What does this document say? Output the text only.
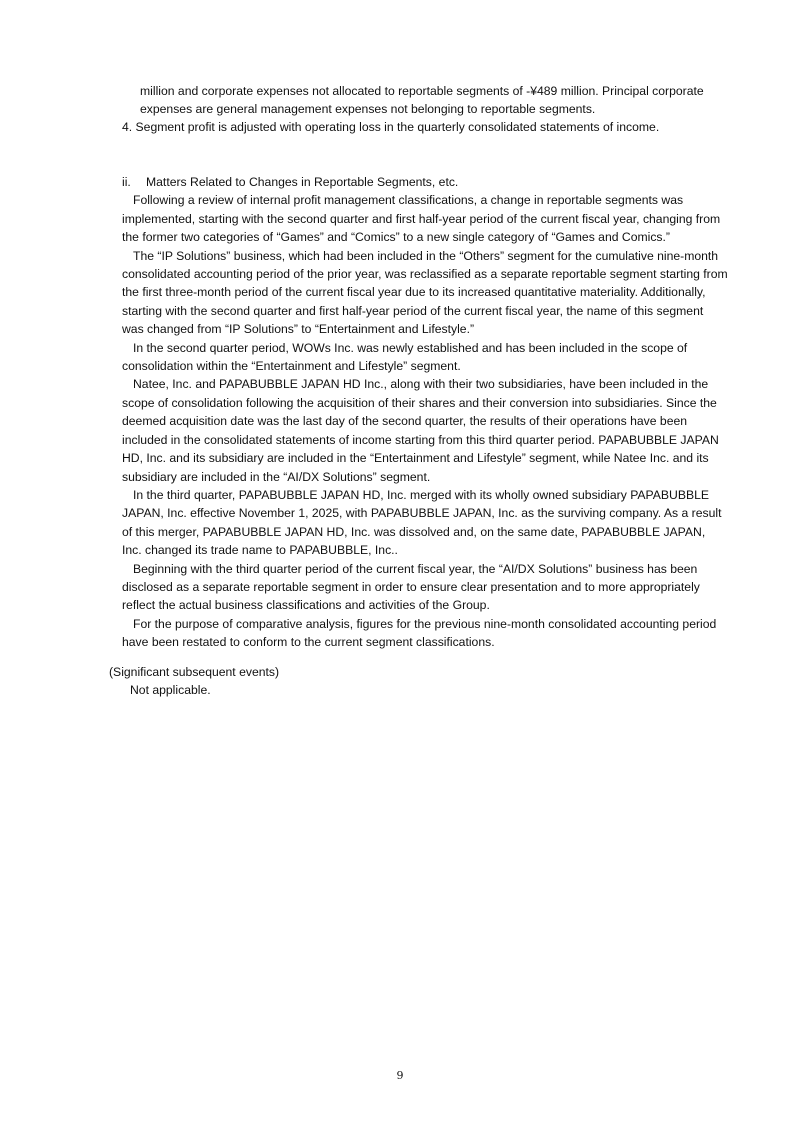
million and corporate expenses not allocated to reportable segments of -¥489 million. Principal corporate expenses are general management expenses not belonging to reportable segments.
4. Segment profit is adjusted with operating loss in the quarterly consolidated statements of income.
ii. Matters Related to Changes in Reportable Segments, etc.

Following a review of internal profit management classifications, a change in reportable segments was implemented, starting with the second quarter and first half-year period of the current fiscal year, changing from the former two categories of “Games” and “Comics” to a new single category of “Games and Comics.”

The “IP Solutions” business, which had been included in the “Others” segment for the cumulative nine-month consolidated accounting period of the prior year, was reclassified as a separate reportable segment starting from the first three-month period of the current fiscal year due to its increased quantitative materiality. Additionally, starting with the second quarter and first half-year period of the current fiscal year, the name of this segment was changed from “IP Solutions” to “Entertainment and Lifestyle.”

In the second quarter period, WOWs Inc. was newly established and has been included in the scope of consolidation within the “Entertainment and Lifestyle” segment.

Natee, Inc. and PAPABUBBLE JAPAN HD Inc., along with their two subsidiaries, have been included in the scope of consolidation following the acquisition of their shares and their conversion into subsidiaries. Since the deemed acquisition date was the last day of the second quarter, the results of their operations have been included in the consolidated statements of income starting from this third quarter period. PAPABUBBLE JAPAN HD, Inc. and its subsidiary are included in the “Entertainment and Lifestyle” segment, while Natee Inc. and its subsidiary are included in the “AI/DX Solutions” segment.

In the third quarter, PAPABUBBLE JAPAN HD, Inc. merged with its wholly owned subsidiary PAPABUBBLE JAPAN, Inc. effective November 1, 2025, with PAPABUBBLE JAPAN, Inc. as the surviving company. As a result of this merger, PAPABUBBLE JAPAN HD, Inc. was dissolved and, on the same date, PAPABUBBLE JAPAN, Inc. changed its trade name to PAPABUBBLE, Inc..

Beginning with the third quarter period of the current fiscal year, the “AI/DX Solutions” business has been disclosed as a separate reportable segment in order to ensure clear presentation and to more appropriately reflect the actual business classifications and activities of the Group.

For the purpose of comparative analysis, figures for the previous nine-month consolidated accounting period have been restated to conform to the current segment classifications.

(Significant subsequent events)
Not applicable.
9
